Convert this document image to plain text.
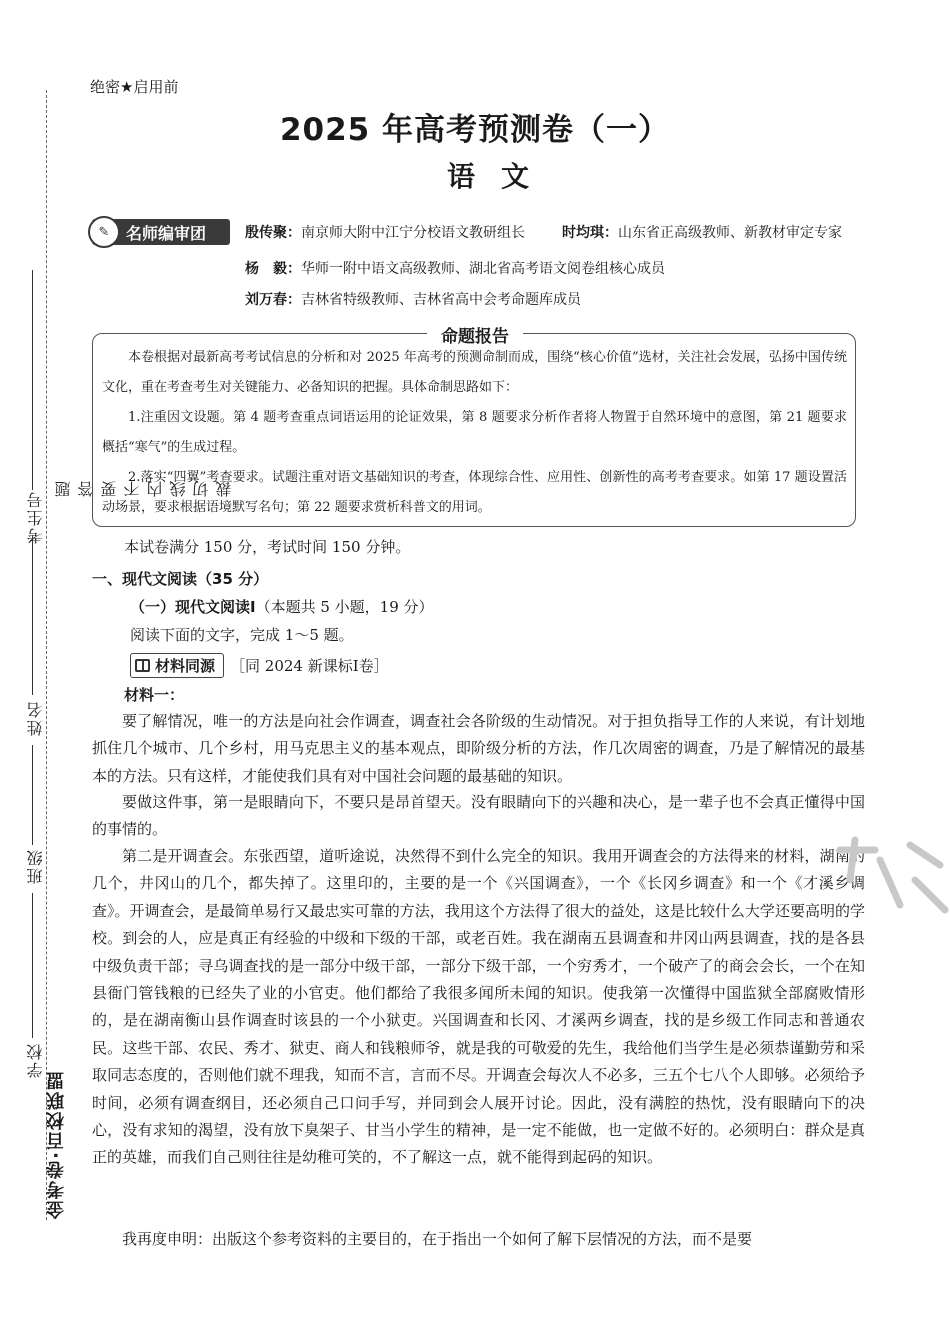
考生号
姓名
班级
学校
题 答 要 不 内 线 切 裁
金考卷·百校联盟
绝密★启用前
2025 年高考预测卷（一）
语文
✎	名师编审团	殷传聚：南京师大附中江宁分校语文教研组长	时均琪：山东省正高级教师、新教材审定专家
杨　毅：华师一附中语文高级教师、湖北省高考语文阅卷组核心成员
刘万春：吉林省特级教师、吉林省高中会考命题库成员
命题报告

本卷根据对最新高考考试信息的分析和对 2025 年高考的预测命制而成，围绕“核心价值”选材，关注社会发展，弘扬中国传统文化，重在考查考生对关键能力、必备知识的把握。具体命制思路如下：

1.注重因文设题。第 4 题考查重点词语运用的论证效果，第 8 题要求分析作者将人物置于自然环境中的意图，第 21 题要求概括“寒气”的生成过程。

2.落实“四翼”考查要求。试题注重对语文基础知识的考查，体现综合性、应用性、创新性的高考考查要求。如第 17 题设置活动场景，要求根据语境默写名句；第 22 题要求赏析科普文的用词。

本试卷满分 150 分，考试时间 150 分钟。
一、现代文阅读（35 分）
（一）现代文阅读Ⅰ（本题共 5 小题，19 分）
阅读下面的文字，完成 1～5 题。
材料同源 ［同 2024 新课标Ⅰ卷］
材料一：
要了解情况，唯一的方法是向社会作调查，调查社会各阶级的生动情况。对于担负指导工作的人来说，有计划地抓住几个城市、几个乡村，用马克思主义的基本观点，即阶级分析的方法，作几次周密的调查，乃是了解情况的最基本的方法。只有这样，才能使我们具有对中国社会问题的最基础的知识。
要做这件事，第一是眼睛向下，不要只是昂首望天。没有眼睛向下的兴趣和决心，是一辈子也不会真正懂得中国的事情的。
第二是开调查会。东张西望，道听途说，决然得不到什么完全的知识。我用开调查会的方法得来的材料，湖南的几个，井冈山的几个，都失掉了。这里印的，主要的是一个《兴国调查》，一个《长冈乡调查》和一个《才溪乡调查》。开调查会，是最简单易行又最忠实可靠的方法，我用这个方法得了很大的益处，这是比较什么大学还要高明的学校。到会的人，应是真正有经验的中级和下级的干部，或老百姓。我在湖南五县调查和井冈山两县调查，找的是各县中级负责干部；寻乌调查找的是一部分中级干部，一部分下级干部，一个穷秀才，一个破产了的商会会长，一个在知县衙门管钱粮的已经失了业的小官吏。他们都给了我很多闻所未闻的知识。使我第一次懂得中国监狱全部腐败情形的，是在湖南衡山县作调查时该县的一个小狱吏。兴国调查和长冈、才溪两乡调查，找的是乡级工作同志和普通农民。这些干部、农民、秀才、狱吏、商人和钱粮师爷，就是我的可敬爱的先生，我给他们当学生是必须恭谨勤劳和采取同志态度的，否则他们就不理我，知而不言，言而不尽。开调查会每次人不必多，三五个七八个人即够。必须给予时间，必须有调查纲目，还必须自己口问手写，并同到会人展开讨论。因此，没有满腔的热忱，没有眼睛向下的决心，没有求知的渴望，没有放下臭架子、甘当小学生的精神，是一定不能做，也一定做不好的。必须明白：群众是真正的英雄，而我们自己则往往是幼稚可笑的，不了解这一点，就不能得到起码的知识。
我再度申明：出版这个参考资料的主要目的，在于指出一个如何了解下层情况的方法，而不是要
